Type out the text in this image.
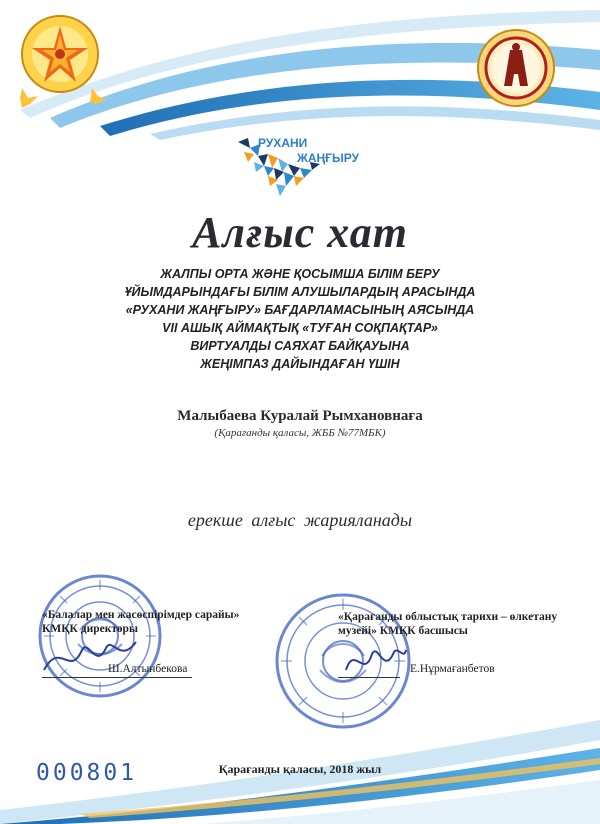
РУХАНИ
ЖАҢҒЫРУ
Алғыс хат
ЖАЛПЫ ОРТА ЖӘНЕ ҚОСЫМША БІЛІМ БЕРУ
ҰЙЫМДАРЫНДАҒЫ БІЛІМ АЛУШЫЛАРДЫҢ АРАСЫНДА
«РУХАНИ ЖАҢҒЫРУ» БАҒДАРЛАМАСЫНЫҢ АЯСЫНДА
VII АШЫҚ АЙМАҚТЫҚ «ТУҒАН СОҚПАҚТАР»
ВИРТУАЛДЫ САЯХАТ БАЙҚАУЫНА
ЖЕҢІМПАЗ ДАЙЫНДАҒАН ҮШІН
Малыбаева Куралай Рымхановнаға
(Қарағанды қаласы, ЖББ №77МБК)
ерекше алғыс жарияланады
«Балалар мен жасөспірімдер сарайы»
КМҚК директоры
Ш.Алтынбекова
«Қарағанды облыстық тарихи – өлкетану
музейі» КМҚК басшысы
Е.Нұрмағанбетов
Қарағанды қаласы, 2018 жыл
000801
